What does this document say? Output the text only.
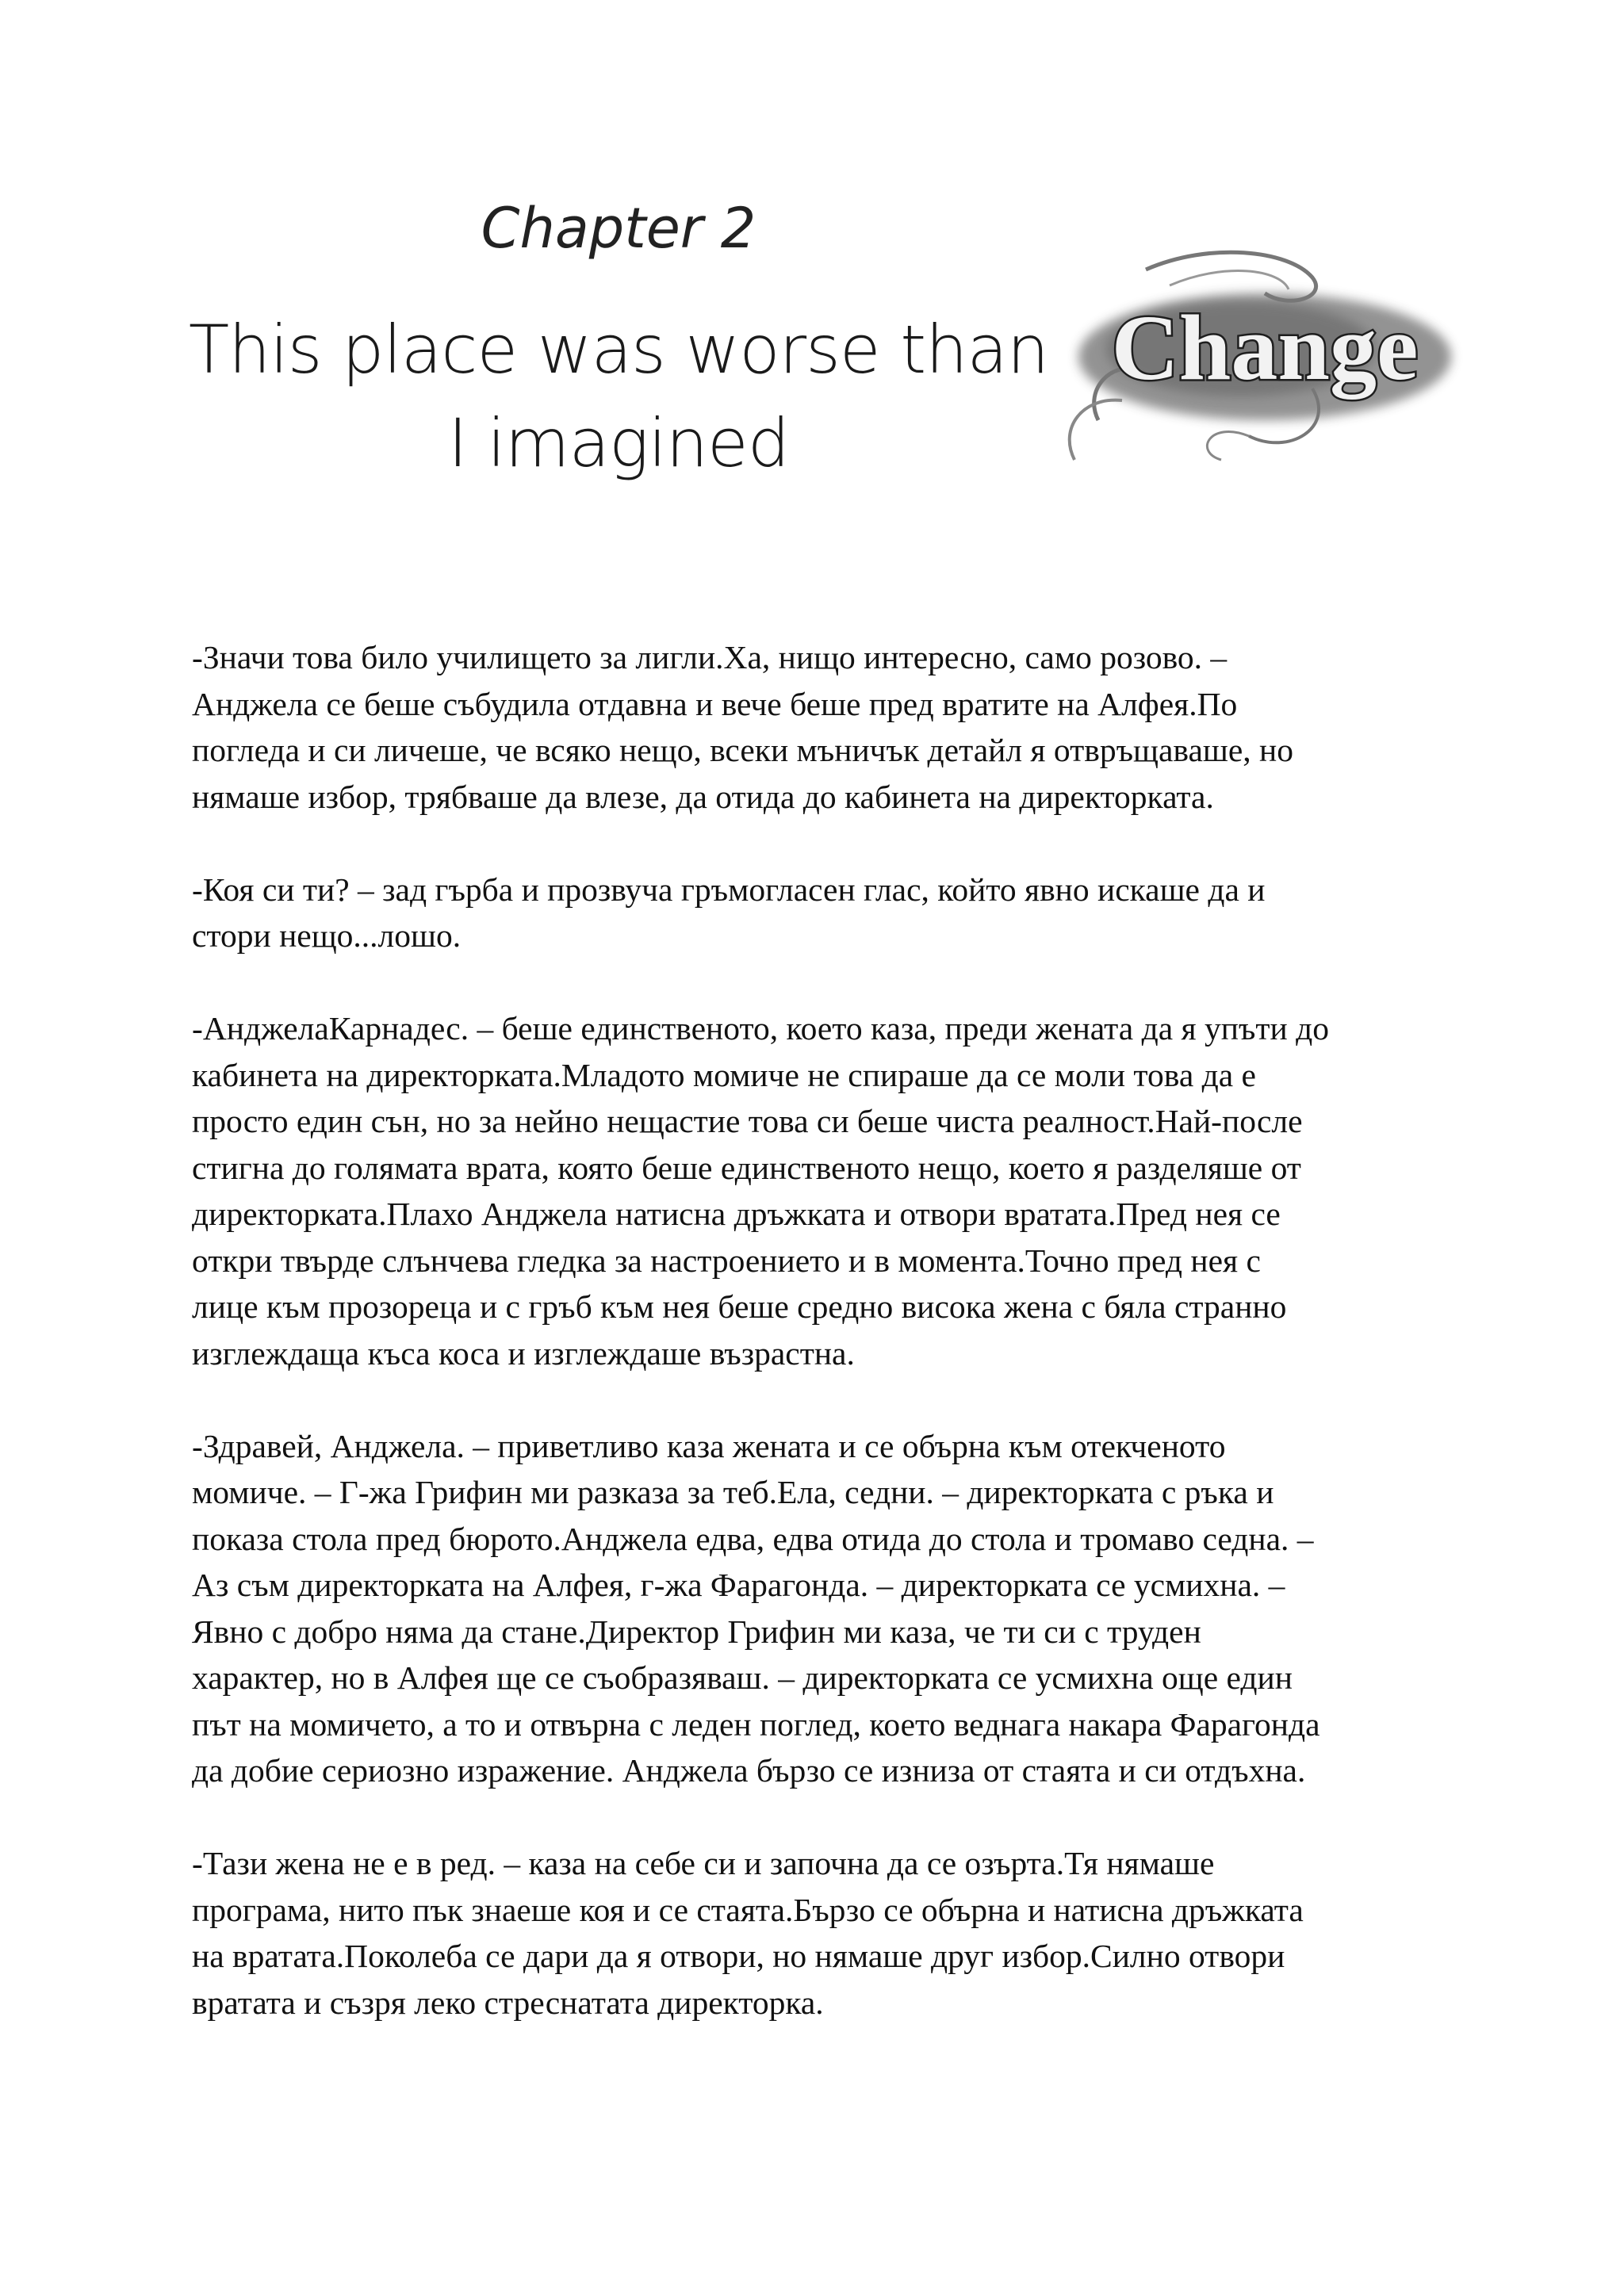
Chapter 2
This place was worse than
I imagined
Change

-Значи това било училището за лигли.Ха, нищо интересно, само розово. –
Анджела се беше събудила отдавна и вече беше пред вратите на Алфея.По
погледа и си личеше, че всяко нещо, всеки мъничък детайл я отвръщаваше, но
нямаше избор, трябваше да влезе, да отида до кабинета на директорката.

-Коя си ти? – зад гърба и прозвуча гръмогласен глас, който явно искаше да и
стори нещо...лошо.

-АнджелаКарнадес. – беше единственото, което каза, преди жената да я упъти до
кабинета на директорката.Младото момиче не спираше да се моли това да е
просто един сън, но за нейно нещастие това си беше чиста реалност.Най-после
стигна до голямата врата, която беше единственото нещо, което я разделяше от
директорката.Плахо Анджела натисна дръжката и отвори вратата.Пред нея се
откри твърде слънчева гледка за настроението и в момента.Точно пред нея с
лице към прозореца и с гръб към нея беше средно висока жена с бяла странно
изглеждаща къса коса и изглеждаше възрастна.

-Здравей, Анджела. – приветливо каза жената и се обърна към отекченото
момиче. – Г-жа Грифин ми разказа за теб.Ела, седни. – директорката с ръка и
показа стола пред бюрото.Анджела едва, едва отида до стола и тромаво седна. –
Аз съм директорката на Алфея, г-жа Фарагонда. – директорката се усмихна. –
Явно с добро няма да стане.Директор Грифин ми каза, че ти си с труден
характер, но в Алфея ще се съобразяваш. – директорката се усмихна още един
път на момичето, а то и отвърна с леден поглед, което веднага накара Фарагонда
да добие сериозно изражение. Анджела бързо се изниза от стаята и си отдъхна.

-Тази жена не е в ред. – каза на себе си и започна да се озърта.Тя нямаше
програма, нито пък знаеше коя и се стаята.Бързо се обърна и натисна дръжката
на вратата.Поколеба се дари да я отвори, но нямаше друг избор.Силно отвори
вратата и съзря леко стреснатата директорка.
